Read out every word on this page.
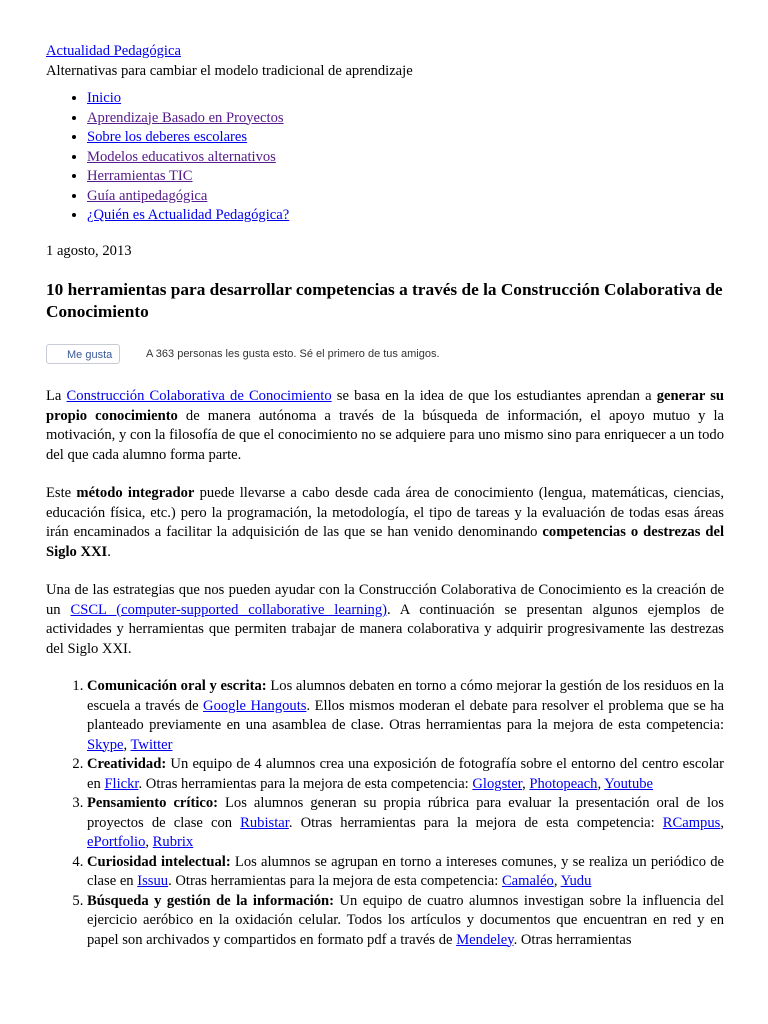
Actualidad Pedagógica

Alternativas para cambiar el modelo tradicional de aprendizaje

• Inicio
• Aprendizaje Basado en Proyectos
• Sobre los deberes escolares
• Modelos educativos alternativos
• Herramientas TIC
• Guía antipedagógica
• ¿Quién es Actualidad Pedagógica?

1 agosto, 2013

10 herramientas para desarrollar competencias a través de la Construcción Colaborativa de Conocimiento
Me gusta	A 363 personas les gusta esto. Sé el primero de tus amigos.

La Construcción Colaborativa de Conocimiento se basa en la idea de que los estudiantes aprendan a generar su propio conocimiento de manera autónoma a través de la búsqueda de información, el apoyo mutuo y la motivación, y con la filosofía de que el conocimiento no se adquiere para uno mismo sino para enriquecer a un todo del que cada alumno forma parte.

Este método integrador puede llevarse a cabo desde cada área de conocimiento (lengua, matemáticas, ciencias, educación física, etc.) pero la programación, la metodología, el tipo de tareas y la evaluación de todas esas áreas irán encaminados a facilitar la adquisición de las que se han venido denominando competencias o destrezas del Siglo XXI.

Una de las estrategias que nos pueden ayudar con la Construcción Colaborativa de Conocimiento es la creación de un CSCL (computer-supported collaborative learning). A continuación se presentan algunos ejemplos de actividades y herramientas que permiten trabajar de manera colaborativa y adquirir progresivamente las destrezas del Siglo XXI.

1. Comunicación oral y escrita: Los alumnos debaten en torno a cómo mejorar la gestión de los residuos en la escuela a través de Google Hangouts. Ellos mismos moderan el debate para resolver el problema que se ha planteado previamente en una asamblea de clase. Otras herramientas para la mejora de esta competencia: Skype, Twitter
2. Creatividad: Un equipo de 4 alumnos crea una exposición de fotografía sobre el entorno del centro escolar en Flickr. Otras herramientas para la mejora de esta competencia: Glogster, Photopeach, Youtube
3. Pensamiento crítico: Los alumnos generan su propia rúbrica para evaluar la presentación oral de los proyectos de clase con Rubistar. Otras herramientas para la mejora de esta competencia: RCampus, ePortfolio, Rubrix
4. Curiosidad intelectual: Los alumnos se agrupan en torno a intereses comunes, y se realiza un periódico de clase en Issuu. Otras herramientas para la mejora de esta competencia: Camaléo, Yudu
5. Búsqueda y gestión de la información: Un equipo de cuatro alumnos investigan sobre la influencia del ejercicio aeróbico en la oxidación celular. Todos los artículos y documentos que encuentran en red y en papel son archivados y compartidos en formato pdf a través de Mendeley. Otras herramientas
